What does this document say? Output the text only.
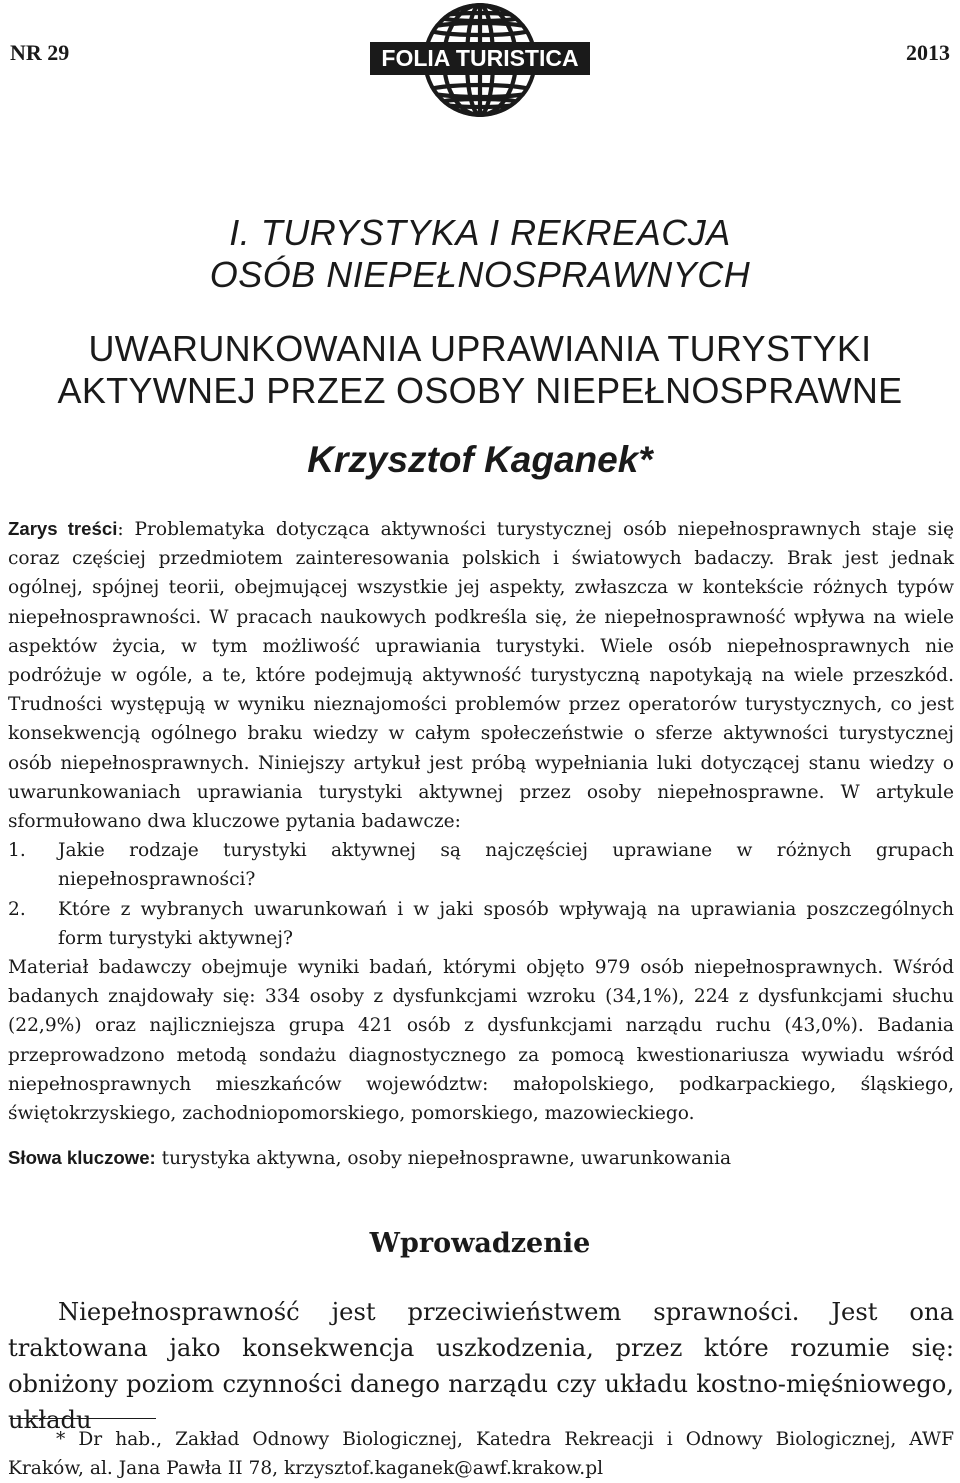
NR 29	FOLIA TURISTICA	2013
I. TURYSTYKA I REKREACJA
OSÓB NIEPEŁNOSPRAWNYCH
UWARUNKOWANIA UPRAWIANIA TURYSTYKI
AKTYWNEJ PRZEZ OSOBY NIEPEŁNOSPRAWNE
Krzysztof Kaganek*

Zarys treści: Problematyka dotycząca aktywności turystycznej osób niepełnosprawnych staje się coraz częściej przedmiotem zainteresowania polskich i światowych badaczy. Brak jest jednak ogólnej, spójnej teorii, obejmującej wszystkie jej aspekty, zwłaszcza w kontekście różnych typów niepełnosprawności. W pracach naukowych podkreśla się, że niepełnosprawność wpływa na wiele aspektów życia, w tym możliwość uprawiania turystyki. Wiele osób niepełnosprawnych nie podróżuje w ogóle, a te, które podejmują aktywność turystyczną napotykają na wiele przeszkód. Trudności występują w wyniku nieznajomości problemów przez operatorów turystycznych, co jest konsekwencją ogólnego braku wiedzy w całym społeczeństwie o sferze aktywności turystycznej osób niepełnosprawnych. Niniejszy artykuł jest próbą wypełniania luki dotyczącej stanu wiedzy o uwarunkowaniach uprawiania turystyki aktywnej przez osoby niepełnosprawne. W artykule sformułowano dwa kluczowe pytania badawcze:

1. Jakie rodzaje turystyki aktywnej są najczęściej uprawiane w różnych grupach niepełnosprawności?
2. Które z wybranych uwarunkowań i w jaki sposób wpływają na uprawiania poszczególnych form turystyki aktywnej?

Materiał badawczy obejmuje wyniki badań, którymi objęto 979 osób niepełnosprawnych. Wśród badanych znajdowały się: 334 osoby z dysfunkcjami wzroku (34,1%), 224 z dysfunkcjami słuchu (22,9%) oraz najliczniejsza grupa 421 osób z dysfunkcjami narządu ruchu (43,0%). Badania przeprowadzono metodą sondażu diagnostycznego za pomocą kwestionariusza wywiadu wśród niepełnosprawnych mieszkańców województw: małopolskiego, podkarpackiego, śląskiego, świętokrzyskiego, zachodniopomorskiego, pomorskiego, mazowieckiego.

Słowa kluczowe: turystyka aktywna, osoby niepełnosprawne, uwarunkowania
Wprowadzenie

Niepełnosprawność jest przeciwieństwem sprawności. Jest ona traktowana jako konsekwencja uszkodzenia, przez które rozumie się: obniżony poziom czynności danego narządu czy układu kostno-mięśniowego, układu

* Dr hab., Zakład Odnowy Biologicznej, Katedra Rekreacji i Odnowy Biologicznej, AWF Kraków, al. Jana Pawła II 78, krzysztof.kaganek@awf.krakow.pl
